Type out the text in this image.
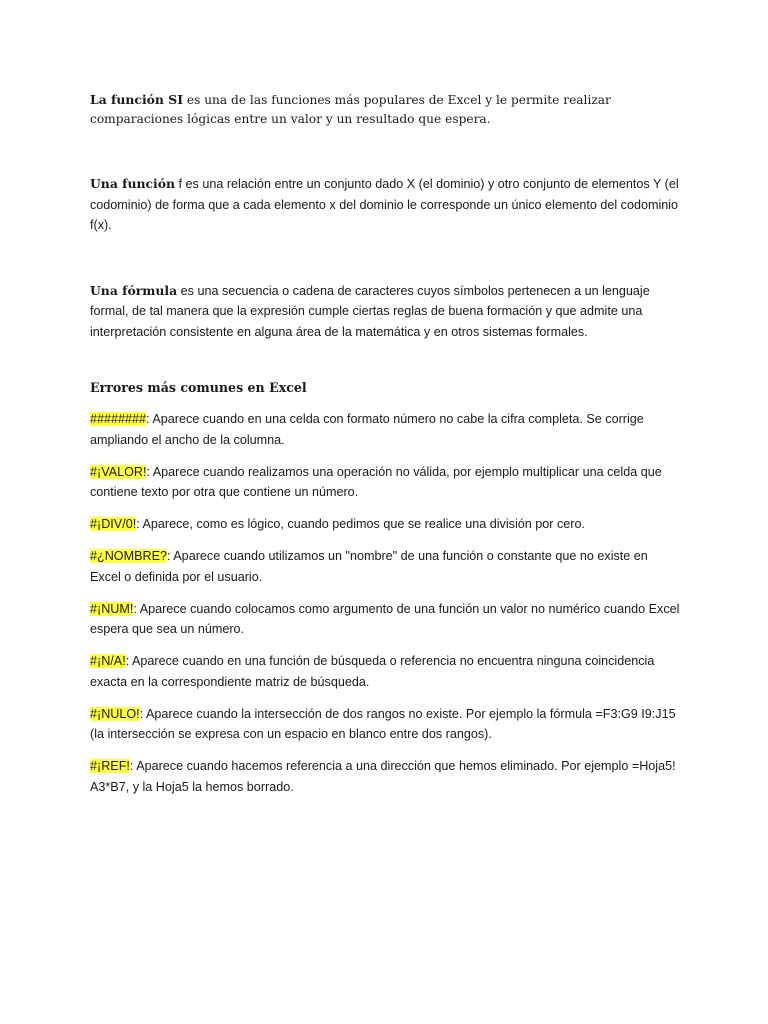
La función SI es una de las funciones más populares de Excel y le permite realizar comparaciones lógicas entre un valor y un resultado que espera.

Una función f es una relación entre un conjunto dado X (el dominio) y otro conjunto de elementos Y (el codominio) de forma que a cada elemento x del dominio le corresponde un único elemento del codominio f(x).

Una fórmula es una secuencia o cadena de caracteres cuyos símbolos pertenecen a un lenguaje formal, de tal manera que la expresión cumple ciertas reglas de buena formación y que admite una interpretación consistente en alguna área de la matemática y en otros sistemas formales.

Errores más comunes en Excel
########: Aparece cuando en una celda con formato número no cabe la cifra completa. Se corrige ampliando el ancho de la columna.
#¡VALOR!: Aparece cuando realizamos una operación no válida, por ejemplo multiplicar una celda que contiene texto por otra que contiene un número.
#¡DIV/0!: Aparece, como es lógico, cuando pedimos que se realice una división por cero.
#¿NOMBRE?: Aparece cuando utilizamos un "nombre" de una función o constante que no existe en Excel o definida por el usuario.
#¡NUM!: Aparece cuando colocamos como argumento de una función un valor no numérico cuando Excel espera que sea un número.
#¡N/A!: Aparece cuando en una función de búsqueda o referencia no encuentra ninguna coincidencia exacta en la correspondiente matriz de búsqueda.
#¡NULO!: Aparece cuando la intersección de dos rangos no existe. Por ejemplo la fórmula =F3:G9 I9:J15 (la intersección se expresa con un espacio en blanco entre dos rangos).
#¡REF!: Aparece cuando hacemos referencia a una dirección que hemos eliminado. Por ejemplo =Hoja5! A3*B7, y la Hoja5 la hemos borrado.
